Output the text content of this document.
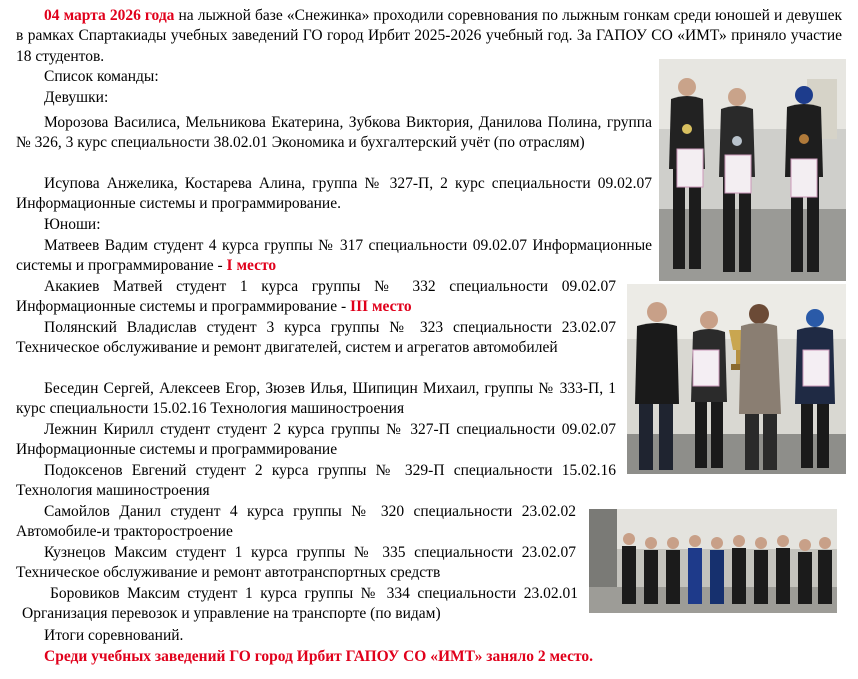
04 марта 2026 года на лыжной базе «Снежинка» проходили соревнования по лыжным гонкам среди юношей и девушек в рамках Спартакиады учебных заведений ГО город Ирбит 2025-2026 учебный год. За ГАПОУ СО «ИМТ» приняло участие 18 студентов.

Список команды:

Девушки:

Морозова Василиса, Мельникова Екатерина, Зубкова Виктория, Данилова Полина, группа № 326, 3 курс специальности 38.02.01 Экономика и бухгалтерский учёт (по отраслям)

Исупова Анжелика, Костарева Алина, группа № 327-П, 2 курс специальности 09.02.07 Информационные системы и программирование.

Юноши:

Матвеев Вадим студент 4 курса группы № 317 специальности 09.02.07 Информационные системы и программирование - I место

Акакиев Матвей студент 1 курса группы № 332 специальности 09.02.07 Информационные системы и программирование - III место

Полянский Владислав студент 3 курса группы № 323 специальности 23.02.07 Техническое обслуживание и ремонт двигателей, систем и агрегатов автомобилей

Беседин Сергей, Алексеев Егор, Зюзев Илья, Шипицин Михаил, группы № 333-П, 1 курс специальности 15.02.16 Технология машиностроения

Лежнин Кирилл студент студент 2 курса группы № 327-П специальности 09.02.07 Информационные системы и программирование

Подоксенов Евгений студент 2 курса группы № 329-П специальности 15.02.16 Технология машиностроения

Самойлов Данил студент 4 курса группы № 320 специальности 23.02.02 Автомобиле-и тракторостроение

Кузнецов Максим студент 1 курса группы № 335 специальности 23.02.07 Техническое обслуживание и ремонт автотранспортных средств

Боровиков Максим студент 1 курса группы № 334 специальности 23.02.01 Организация перевозок и управление на транспорте (по видам)

Итоги соревнований.

Среди учебных заведений ГО город Ирбит ГАПОУ СО «ИМТ» заняло 2 место.
